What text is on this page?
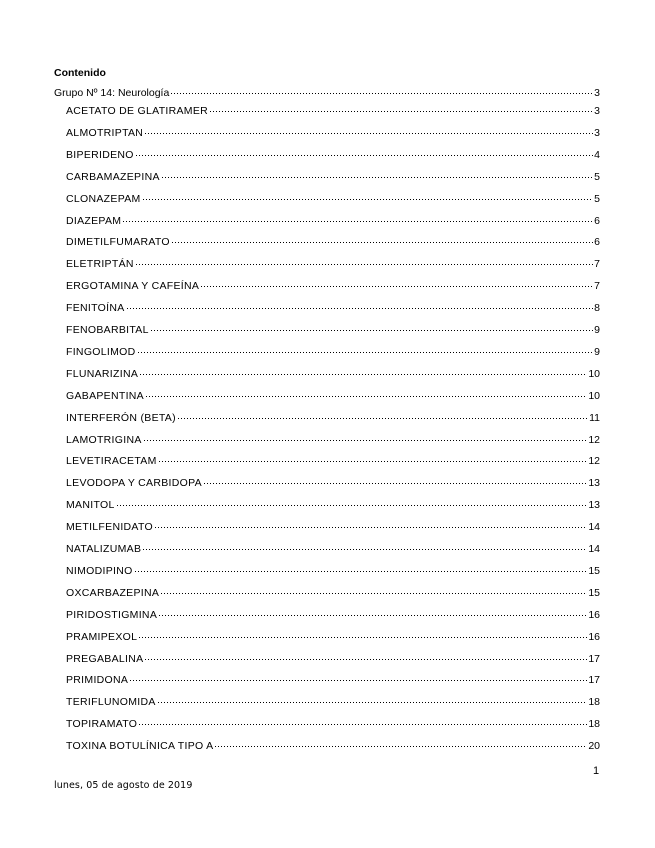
Contenido
Grupo Nº 14: Neurología	3
ACETATO DE GLATIRAMER	3
ALMOTRIPTAN	3
BIPERIDENO	4
CARBAMAZEPINA	5
CLONAZEPAM	5
DIAZEPAM	6
DIMETILFUMARATO	6
ELETRIPTÁN	7
ERGOTAMINA Y CAFEÍNA	7
FENITOÍNA	8
FENOBARBITAL	9
FINGOLIMOD	9
FLUNARIZINA	10
GABAPENTINA	10
INTERFERÓN (BETA)	11
LAMOTRIGINA	12
LEVETIRACETAM	12
LEVODOPA Y CARBIDOPA	13
MANITOL	13
METILFENIDATO	14
NATALIZUMAB	14
NIMODIPINO	15
OXCARBAZEPINA	15
PIRIDOSTIGMINA	16
PRAMIPEXOL	16
PREGABALINA	17
PRIMIDONA	17
TERIFLUNOMIDA	18
TOPIRAMATO	18
TOXINA BOTULÍNICA TIPO A	20
1
lunes, 05 de agosto de 2019
